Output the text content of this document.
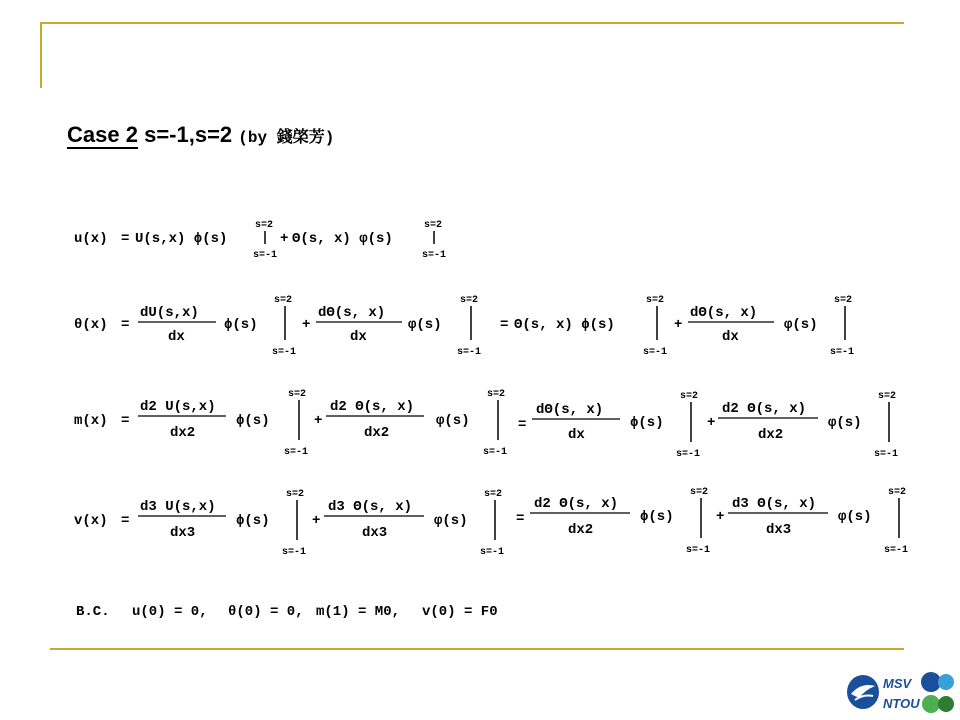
Case 2 s=-1,s=2 (by 錢棨芳)
u(x) = U(s,x) ϕ(s)
s=2
s=-1
+ Θ(s, x) φ(s)
s=2
s=-1
θ(x) =
dU(s,x)
dx
ϕ(s)
s=2
s=-1
+
dΘ(s, x)
dx
φ(s)
s=2
s=-1
= Θ(s, x) ϕ(s)
s=2
s=-1
+
dΘ(s, x)
dx
φ(s)
s=2
s=-1
m(x) =
d2 U(s,x)
dx2
ϕ(s)
s=2
s=-1
+
d2 Θ(s, x)
dx2
φ(s)
s=2
s=-1
=
dΘ(s, x)
dx
ϕ(s)
s=2
s=-1
+
d2 Θ(s, x)
dx2
φ(s)
s=2
s=-1
v(x) =
d3 U(s,x)
dx3
ϕ(s)
s=2
s=-1
+
d3 Θ(s, x)
dx3
φ(s)
s=2
s=-1
=
d2 Θ(s, x)
dx2
ϕ(s)
s=2
s=-1
+
d3 Θ(s, x)
dx3
φ(s)
s=2
s=-1
B.C. u(0) = 0, θ(0) = 0, m(1) = M0, v(0) = F0
MSV
NTOU
